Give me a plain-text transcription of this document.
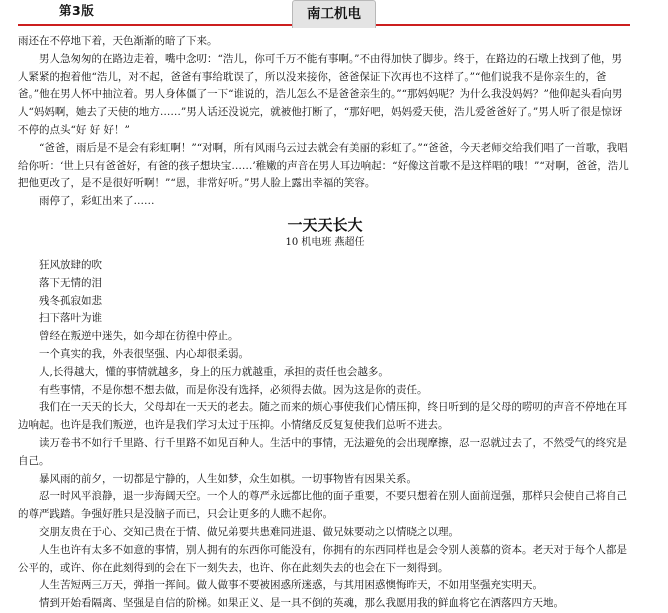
第3版	南工机电

雨还在不停地下着，天色渐渐的暗了下来。

男人急匆匆的在路边走着，嘴中念叨：“浩儿，你可千万不能有事啊。”不由得加快了脚步。终于，在路边的石墩上找到了他，男人紧紧的抱着他“浩儿，对不起，爸爸有事给耽误了，所以没来接你，爸爸保证下次再也不这样了。”“他们说我不是你亲生的，爸爸。”他在男人怀中抽泣着。男人身体僵了一下“谁说的，浩儿怎么不是爸爸亲生的。”“那妈妈呢？为什么我没妈妈？”他仰起头看向男人“妈妈啊，她去了天使的地方……”男人话还没说完，就被他打断了，“那好吧，妈妈爱天使，浩儿爱爸爸好了。”男人听了很是惊讶不停的点头“好 好 好！”

“爸爸，雨后是不是会有彩虹啊！”“对啊，所有风雨乌云过去就会有美丽的彩虹了。”“爸爸，今天老师交给我们唱了一首歌，我唱给你听：‘世上只有爸爸好，有爸的孩子想块宝……’稚嫩的声音在男人耳边响起：“好像这首歌不是这样唱的哦！”“对啊，爸爸，浩儿把他更改了，是不是很好听啊！”“恩，非常好听。”男人脸上露出幸福的笑容。

雨停了，彩虹出来了……

一天天长大
10 机电班 燕超任

狂风放肆的吹

落下无情的泪

残冬孤寂如悲

扫下落叶为谁

曾经在叛逆中迷失，如今却在彷徨中停止。

一个真实的我，外表很坚强、内心却很柔弱。

人,长得越大，懂的事情就越多，身上的压力就越重，承担的责任也会越多。

有些事情，不是你想不想去做，而是你没有选择，必须得去做。因为这是你的责任。

我们在一天天的长大，父母却在一天天的老去。随之而来的烦心事使我们心情压抑，终日听到的是父母的唠叨的声音不停地在耳边响起。也许是我们叛逆，也许是我们学习太过于压抑。小情绪反反复复使我们总听不进去。

读万卷书不如行千里路、行千里路不如见百种人。生活中的事情，无法避免的会出现摩擦，忍一忍就过去了，不然受气的终究是自己。

暴风雨的前夕，一切都是宁静的，人生如梦，众生如棋。一切事物皆有因果关系。

忍一时风平浪静，退一步海阔天空。一个人的尊严永远都比他的面子重要，不要只想着在别人面前逞强，那样只会使自己将自己的尊严践踏。争强好胜只是没脑子而已，只会让更多的人瞧不起你。

交朋友贵在于心、交知己贵在于情、做兄弟要共患难同进退、做兄妹要动之以情晓之以理。

人生也许有太多不如意的事情，别人拥有的东西你可能没有，你拥有的东西同样也是会令别人羡慕的资本。老天对于每个人都是公平的，或许、你在此刻得到的会在下一刻失去，也许、你在此刻失去的也会在下一刻得到。

人生苦短两三万天，弹指一挥间。做人做事不要被困惑所迷惑，与其用困惑懊悔昨天，不如用坚强充实明天。

情到开始看隔离、坚强是自信的阶梯。如果正义、是一具不倒的英魂，那么我愿用我的鲜血将它在洒落四方天地。
